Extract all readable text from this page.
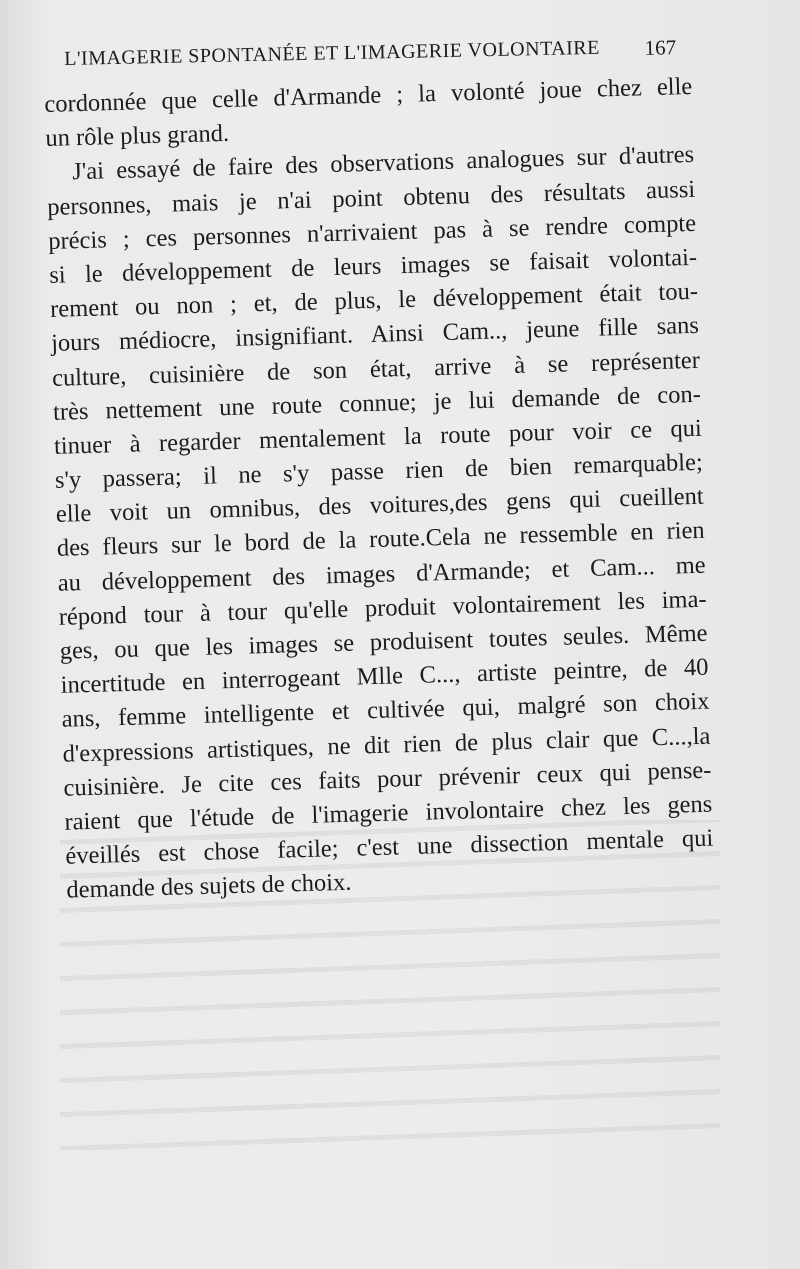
L'IMAGERIE SPONTANÉE ET L'IMAGERIE VOLONTAIRE 167
cordonnée que celle d'Armande ; la volonté joue chez elle
un rôle plus grand.
J'ai essayé de faire des observations analogues sur d'autres
personnes, mais je n'ai point obtenu des résultats aussi
précis ; ces personnes n'arrivaient pas à se rendre compte
si le développement de leurs images se faisait volontai-
rement ou non ; et, de plus, le développement était tou-
jours médiocre, insignifiant. Ainsi Cam.., jeune fille sans
culture, cuisinière de son état, arrive à se représenter
très nettement une route connue; je lui demande de con-
tinuer à regarder mentalement la route pour voir ce qui
s'y passera; il ne s'y passe rien de bien remarquable;
elle voit un omnibus, des voitures,des gens qui cueillent
des fleurs sur le bord de la route.Cela ne ressemble en rien
au développement des images d'Armande; et Cam... me
répond tour à tour qu'elle produit volontairement les ima-
ges, ou que les images se produisent toutes seules. Même
incertitude en interrogeant Mlle C..., artiste peintre, de 40
ans, femme intelligente et cultivée qui, malgré son choix
d'expressions artistiques, ne dit rien de plus clair que C...,la
cuisinière. Je cite ces faits pour prévenir ceux qui pense-
raient que l'étude de l'imagerie involontaire chez les gens
éveillés est chose facile; c'est une dissection mentale qui
demande des sujets de choix.
